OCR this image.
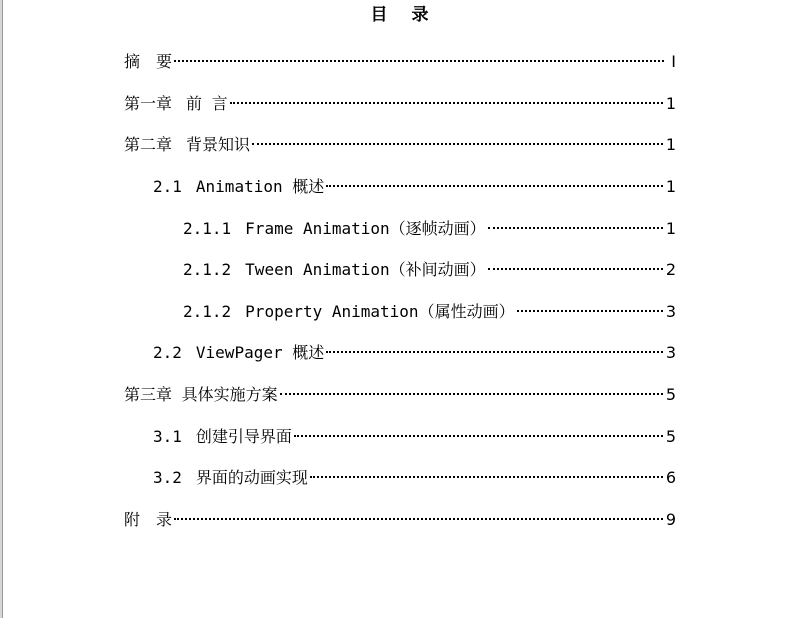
目 录
摘　要	I
第一章 前 言	1
第二章 背景知识	1
2.1 Animation 概述	1
2.1.1 Frame Animation（逐帧动画）	1
2.1.2 Tween Animation（补间动画）	2
2.1.2 Property Animation（属性动画）	3
2.2 ViewPager 概述	3
第三章 具体实施方案	5
3.1 创建引导界面	5
3.2 界面的动画实现	6
附　录	9
